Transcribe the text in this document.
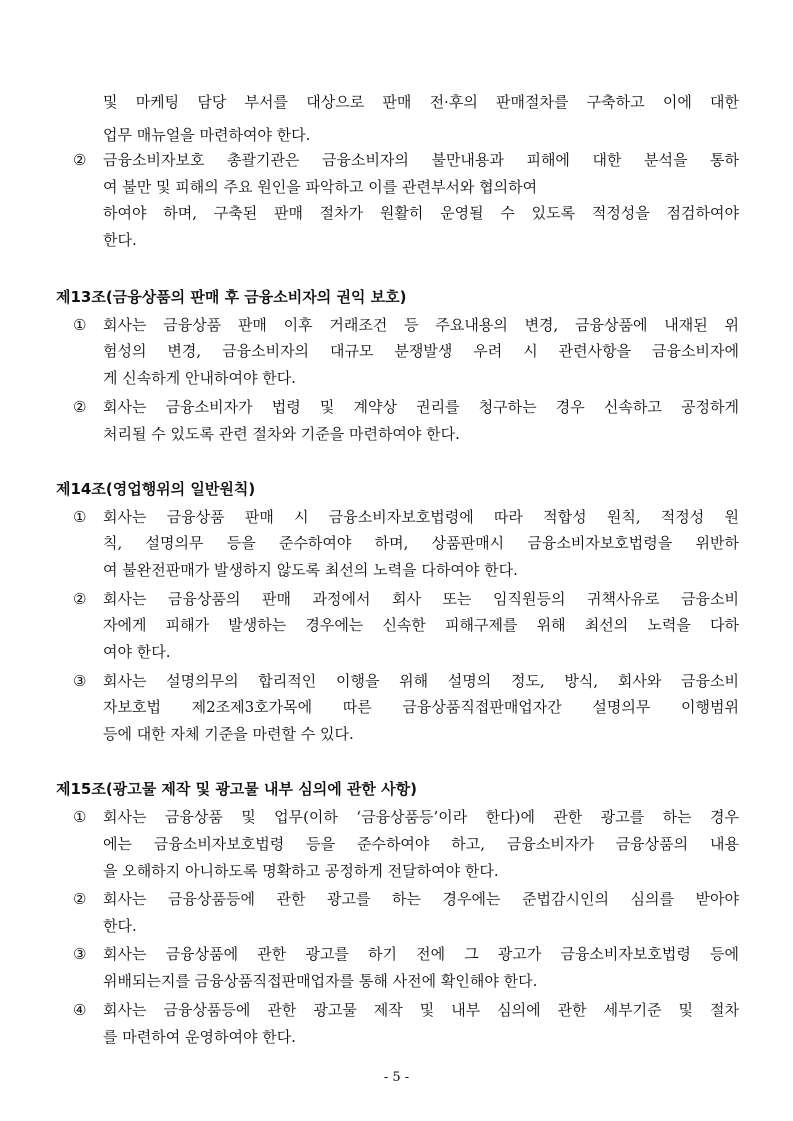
및 마케팅 담당 부서를 대상으로 판매 전·후의 판매절차를 구축하고 이에 대한
업무 매뉴얼을 마련하여야 한다.
②	금융소비자보호 총괄기관은 금융소비자의 불만내용과 피해에 대한 분석을 통하
여 불만 및 피해의 주요 원인을 파악하고 이를 관련부서와 협의하여
하여야 하며, 구축된 판매 절차가 원활히 운영될 수 있도록 적정성을 점검하여야
한다.
제13조(금융상품의 판매 후 금융소비자의 권익 보호)
①	회사는 금융상품 판매 이후 거래조건 등 주요내용의 변경, 금융상품에 내재된 위
험성의 변경, 금융소비자의 대규모 분쟁발생 우려 시 관련사항을 금융소비자에
게 신속하게 안내하여야 한다.
②	회사는 금융소비자가 법령 및 계약상 권리를 청구하는 경우 신속하고 공정하게
처리될 수 있도록 관련 절차와 기준을 마련하여야 한다.
제14조(영업행위의 일반원칙)
①	회사는 금융상품 판매 시 금융소비자보호법령에 따라 적합성 원칙, 적정성 원
칙, 설명의무 등을 준수하여야 하며, 상품판매시 금융소비자보호법령을 위반하
여 불완전판매가 발생하지 않도록 최선의 노력을 다하여야 한다.
②	회사는 금융상품의 판매 과정에서 회사 또는 임직원등의 귀책사유로 금융소비
자에게 피해가 발생하는 경우에는 신속한 피해구제를 위해 최선의 노력을 다하
여야 한다.
③	회사는 설명의무의 합리적인 이행을 위해 설명의 정도, 방식, 회사와 금융소비
자보호법 제2조제3호가목에 따른 금융상품직접판매업자간 설명의무 이행범위
등에 대한 자체 기준을 마련할 수 있다.
제15조(광고물 제작 및 광고물 내부 심의에 관한 사항)
①	회사는 금융상품 및 업무(이하 ‘금융상품등’이라 한다)에 관한 광고를 하는 경우
에는 금융소비자보호법령 등을 준수하여야 하고, 금융소비자가 금융상품의 내용
을 오해하지 아니하도록 명확하고 공정하게 전달하여야 한다.
②	회사는 금융상품등에 관한 광고를 하는 경우에는 준법감시인의 심의를 받아야
한다.
③	회사는 금융상품에 관한 광고를 하기 전에 그 광고가 금융소비자보호법령 등에
위배되는지를 금융상품직접판매업자를 통해 사전에 확인해야 한다.
④	회사는 금융상품등에 관한 광고물 제작 및 내부 심의에 관한 세부기준 및 절차
를 마련하여 운영하여야 한다.
- 5 -
